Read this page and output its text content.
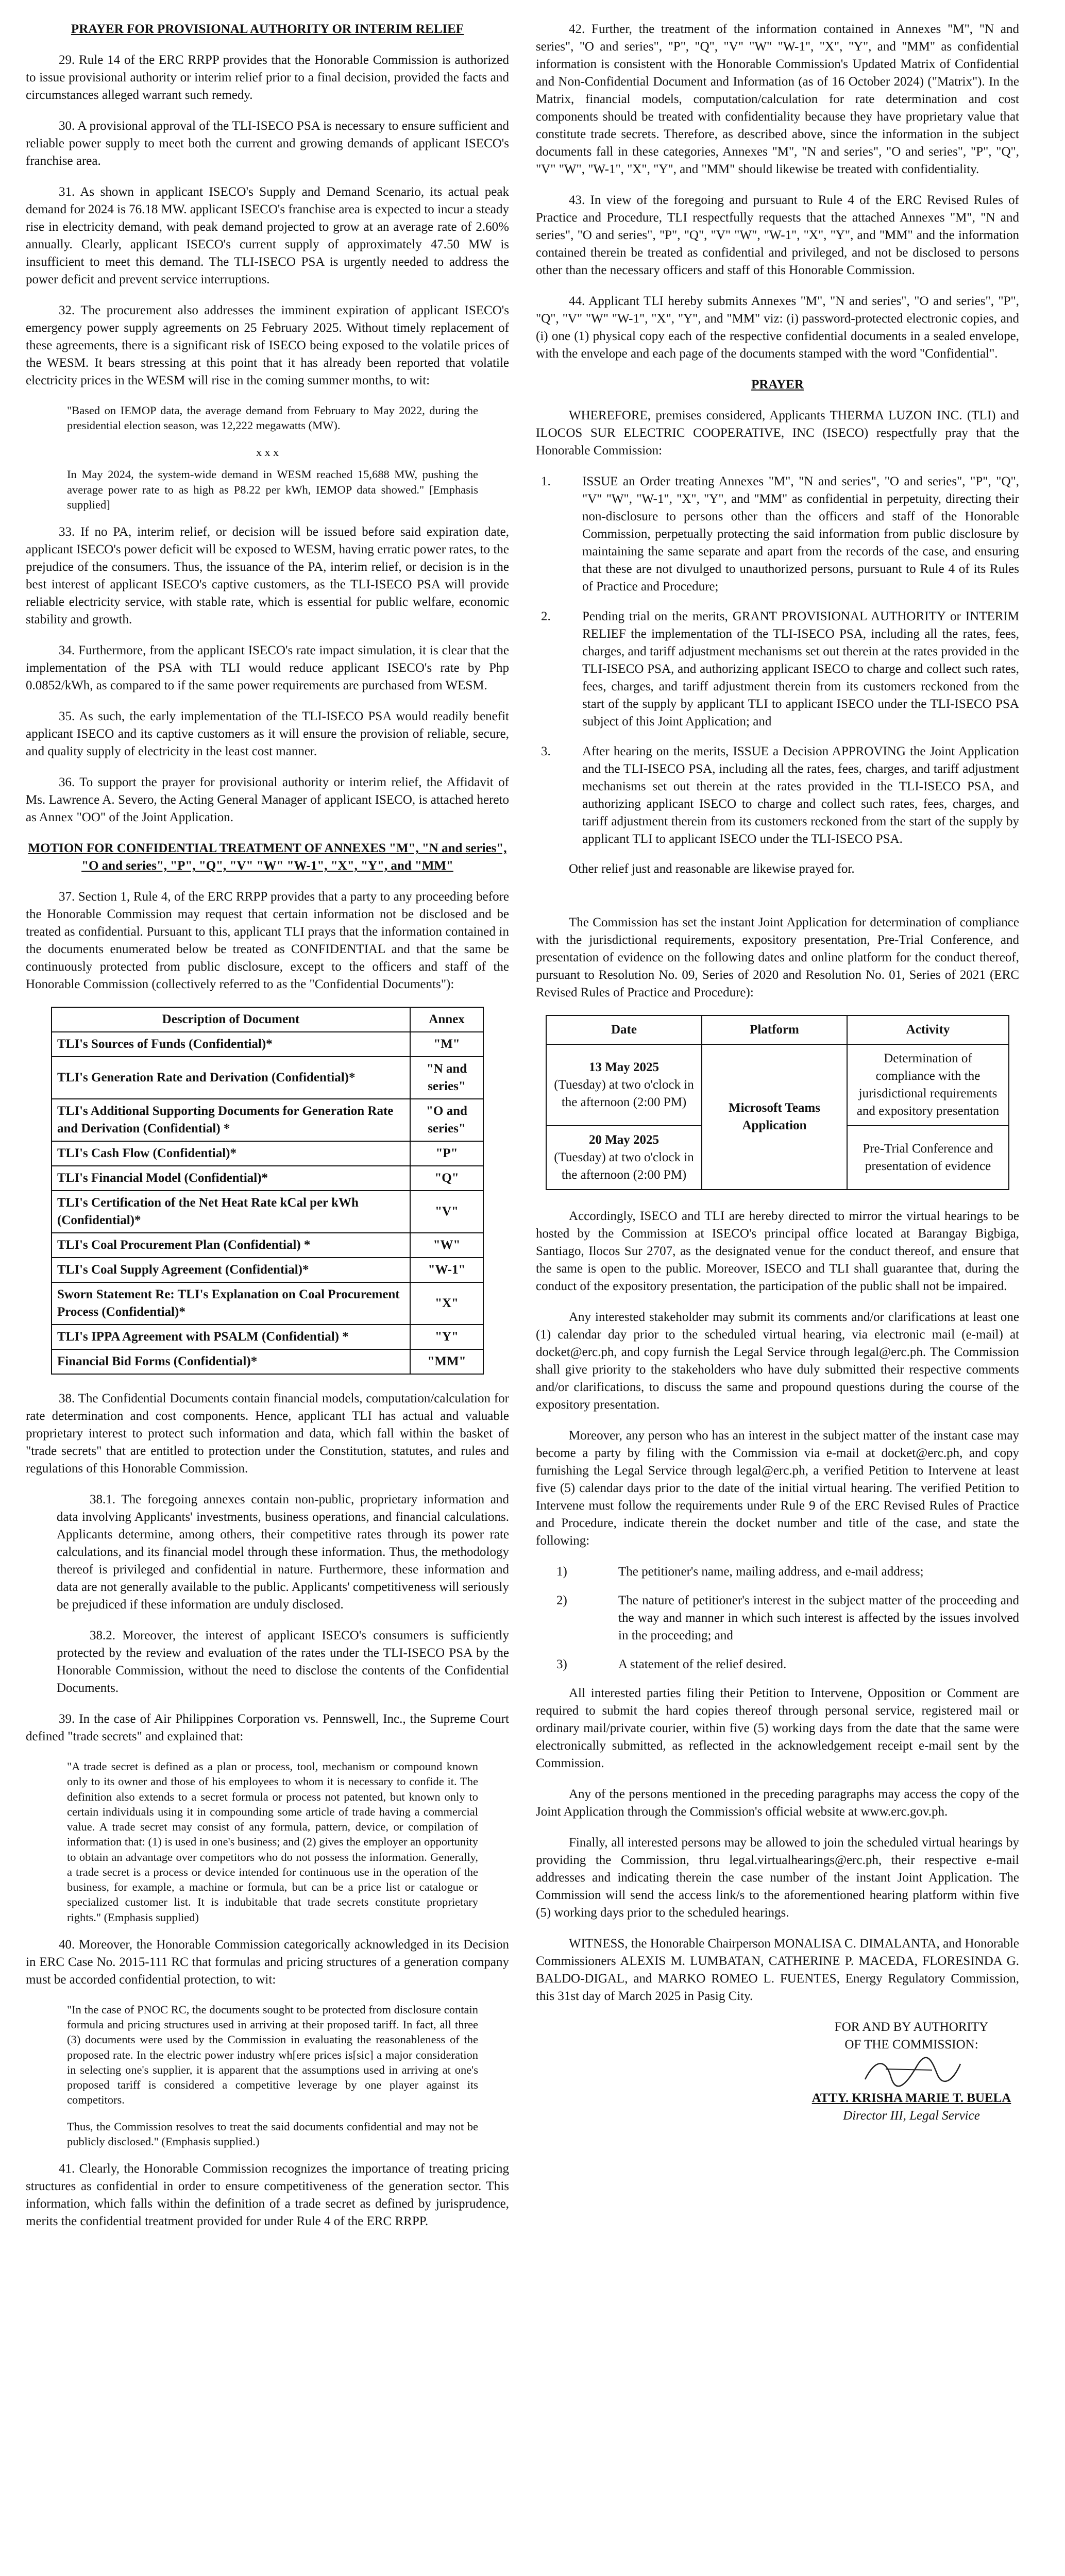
PRAYER FOR PROVISIONAL AUTHORITY OR INTERIM RELIEF

29. Rule 14 of the ERC RRPP provides that the Honorable Commission is authorized to issue provisional authority or interim relief prior to a final decision, provided the facts and circumstances alleged warrant such remedy.

30. A provisional approval of the TLI-ISECO PSA is necessary to ensure sufficient and reliable power supply to meet both the current and growing demands of applicant ISECO's franchise area.

31. As shown in applicant ISECO's Supply and Demand Scenario, its actual peak demand for 2024 is 76.18 MW. applicant ISECO's franchise area is expected to incur a steady rise in electricity demand, with peak demand projected to grow at an average rate of 2.60% annually. Clearly, applicant ISECO's current supply of approximately 47.50 MW is insufficient to meet this demand. The TLI-ISECO PSA is urgently needed to address the power deficit and prevent service interruptions.

32. The procurement also addresses the imminent expiration of applicant ISECO's emergency power supply agreements on 25 February 2025. Without timely replacement of these agreements, there is a significant risk of ISECO being exposed to the volatile prices of the WESM. It bears stressing at this point that it has already been reported that volatile electricity prices in the WESM will rise in the coming summer months, to wit:

"Based on IEMOP data, the average demand from February to May 2022, during the presidential election season, was 12,222 megawatts (MW).

x x x

In May 2024, the system-wide demand in WESM reached 15,688 MW, pushing the average power rate to as high as P8.22 per kWh, IEMOP data showed." [Emphasis supplied]

33. If no PA, interim relief, or decision will be issued before said expiration date, applicant ISECO's power deficit will be exposed to WESM, having erratic power rates, to the prejudice of the consumers. Thus, the issuance of the PA, interim relief, or decision is in the best interest of applicant ISECO's captive customers, as the TLI-ISECO PSA will provide reliable electricity service, with stable rate, which is essential for public welfare, economic stability and growth.

34. Furthermore, from the applicant ISECO's rate impact simulation, it is clear that the implementation of the PSA with TLI would reduce applicant ISECO's rate by Php 0.0852/kWh, as compared to if the same power requirements are purchased from WESM.

35. As such, the early implementation of the TLI-ISECO PSA would readily benefit applicant ISECO and its captive customers as it will ensure the provision of reliable, secure, and quality supply of electricity in the least cost manner.

36. To support the prayer for provisional authority or interim relief, the Affidavit of Ms. Lawrence A. Severo, the Acting General Manager of applicant ISECO, is attached hereto as Annex "OO" of the Joint Application.

MOTION FOR CONFIDENTIAL TREATMENT OF ANNEXES "M", "N and series", "O and series", "P", "Q", "V" "W" "W-1", "X", "Y", and "MM"

37. Section 1, Rule 4, of the ERC RRPP provides that a party to any proceeding before the Honorable Commission may request that certain information not be disclosed and be treated as confidential. Pursuant to this, applicant TLI prays that the information contained in the documents enumerated below be treated as CONFIDENTIAL and that the same be continuously protected from public disclosure, except to the officers and staff of the Honorable Commission (collectively referred to as the "Confidential Documents"):

Description of Document	Annex
TLI's Sources of Funds (Confidential)*	"M"
TLI's Generation Rate and Derivation (Confidential)*	"N and series"
TLI's Additional Supporting Documents for Generation Rate and Derivation (Confidential) *	"O and series"
TLI's Cash Flow (Confidential)*	"P"
TLI's Financial Model (Confidential)*	"Q"
TLI's Certification of the Net Heat Rate kCal per kWh (Confidential)*	"V"
TLI's Coal Procurement Plan (Confidential) *	"W"
TLI's Coal Supply Agreement (Confidential)*	"W-1"
Sworn Statement Re: TLI's Explanation on Coal Procurement Process (Confidential)*	"X"
TLI's IPPA Agreement with PSALM (Confidential) *	"Y"
Financial Bid Forms (Confidential)*	"MM"

38. The Confidential Documents contain financial models, computation/calculation for rate determination and cost components. Hence, applicant TLI has actual and valuable proprietary interest to protect such information and data, which fall within the basket of "trade secrets" that are entitled to protection under the Constitution, statutes, and rules and regulations of this Honorable Commission.

38.1. The foregoing annexes contain non-public, proprietary information and data involving Applicants' investments, business operations, and financial calculations. Applicants determine, among others, their competitive rates through its power rate calculations, and its financial model through these information. Thus, the methodology thereof is privileged and confidential in nature. Furthermore, these information and data are not generally available to the public. Applicants' competitiveness will seriously be prejudiced if these information are unduly disclosed.

38.2. Moreover, the interest of applicant ISECO's consumers is sufficiently protected by the review and evaluation of the rates under the TLI-ISECO PSA by the Honorable Commission, without the need to disclose the contents of the Confidential Documents.

39. In the case of Air Philippines Corporation vs. Pennswell, Inc., the Supreme Court defined "trade secrets" and explained that:

"A trade secret is defined as a plan or process, tool, mechanism or compound known only to its owner and those of his employees to whom it is necessary to confide it. The definition also extends to a secret formula or process not patented, but known only to certain individuals using it in compounding some article of trade having a commercial value. A trade secret may consist of any formula, pattern, device, or compilation of information that: (1) is used in one's business; and (2) gives the employer an opportunity to obtain an advantage over competitors who do not possess the information. Generally, a trade secret is a process or device intended for continuous use in the operation of the business, for example, a machine or formula, but can be a price list or catalogue or specialized customer list. It is indubitable that trade secrets constitute proprietary rights." (Emphasis supplied)

40. Moreover, the Honorable Commission categorically acknowledged in its Decision in ERC Case No. 2015-111 RC that formulas and pricing structures of a generation company must be accorded confidential protection, to wit:

"In the case of PNOC RC, the documents sought to be protected from disclosure contain formula and pricing structures used in arriving at their proposed tariff. In fact, all three (3) documents were used by the Commission in evaluating the reasonableness of the proposed rate. In the electric power industry wh[ere prices is[sic] a major consideration in selecting one's supplier, it is apparent that the assumptions used in arriving at one's proposed tariff is considered a competitive leverage by one player against its competitors.

Thus, the Commission resolves to treat the said documents confidential and may not be publicly disclosed." (Emphasis supplied.)

41. Clearly, the Honorable Commission recognizes the importance of treating pricing structures as confidential in order to ensure competitiveness of the generation sector. This information, which falls within the definition of a trade secret as defined by jurisprudence, merits the confidential treatment provided for under Rule 4 of the ERC RRPP.

42. Further, the treatment of the information contained in Annexes "M", "N and series", "O and series", "P", "Q", "V" "W" "W-1", "X", "Y", and "MM" as confidential information is consistent with the Honorable Commission's Updated Matrix of Confidential and Non-Confidential Document and Information (as of 16 October 2024) ("Matrix"). In the Matrix, financial models, computation/calculation for rate determination and cost components should be treated with confidentiality because they have proprietary value that constitute trade secrets. Therefore, as described above, since the information in the subject documents fall in these categories, Annexes "M", "N and series", "O and series", "P", "Q", "V" "W", "W-1", "X", "Y", and "MM" should likewise be treated with confidentiality.

43. In view of the foregoing and pursuant to Rule 4 of the ERC Revised Rules of Practice and Procedure, TLI respectfully requests that the attached Annexes "M", "N and series", "O and series", "P", "Q", "V" "W", "W-1", "X", "Y", and "MM" and the information contained therein be treated as confidential and privileged, and not be disclosed to persons other than the necessary officers and staff of this Honorable Commission.

44. Applicant TLI hereby submits Annexes "M", "N and series", "O and series", "P", "Q", "V" "W" "W-1", "X", "Y", and "MM" viz: (i) password-protected electronic copies, and (i) one (1) physical copy each of the respective confidential documents in a sealed envelope, with the envelope and each page of the documents stamped with the word "Confidential".

PRAYER

WHEREFORE, premises considered, Applicants THERMA LUZON INC. (TLI) and ILOCOS SUR ELECTRIC COOPERATIVE, INC (ISECO) respectfully pray that the Honorable Commission:

1.	ISSUE an Order treating Annexes "M", "N and series", "O and series", "P", "Q", "V" "W", "W-1", "X", "Y", and "MM" as confidential in perpetuity, directing their non-disclosure to persons other than the officers and staff of the Honorable Commission, perpetually protecting the said information from public disclosure by maintaining the same separate and apart from the records of the case, and ensuring that these are not divulged to unauthorized persons, pursuant to Rule 4 of its Rules of Practice and Procedure;
2.	Pending trial on the merits, GRANT PROVISIONAL AUTHORITY or INTERIM RELIEF the implementation of the TLI-ISECO PSA, including all the rates, fees, charges, and tariff adjustment mechanisms set out therein at the rates provided in the TLI-ISECO PSA, and authorizing applicant ISECO to charge and collect such rates, fees, charges, and tariff adjustment therein from its customers reckoned from the start of the supply by applicant TLI to applicant ISECO under the TLI-ISECO PSA subject of this Joint Application; and
3.	After hearing on the merits, ISSUE a Decision APPROVING the Joint Application and the TLI-ISECO PSA, including all the rates, fees, charges, and tariff adjustment mechanisms set out therein at the rates provided in the TLI-ISECO PSA, and authorizing applicant ISECO to charge and collect such rates, fees, charges, and tariff adjustment therein from its customers reckoned from the start of the supply by applicant TLI to applicant ISECO under the TLI-ISECO PSA.

Other relief just and reasonable are likewise prayed for.

The Commission has set the instant Joint Application for determination of compliance with the jurisdictional requirements, expository presentation, Pre-Trial Conference, and presentation of evidence on the following dates and online platform for the conduct thereof, pursuant to Resolution No. 09, Series of 2020 and Resolution No. 01, Series of 2021 (ERC Revised Rules of Practice and Procedure):

Date	Platform	Activity

13 May 2025
(Tuesday) at two o'clock in the afternoon (2:00 PM)	Microsoft Teams Application	Determination of compliance with the jurisdictional requirements and expository presentation

20 May 2025
(Tuesday) at two o'clock in the afternoon (2:00 PM)		Pre-Trial Conference and presentation of evidence

Accordingly, ISECO and TLI are hereby directed to mirror the virtual hearings to be hosted by the Commission at ISECO's principal office located at Barangay Bigbiga, Santiago, Ilocos Sur 2707, as the designated venue for the conduct thereof, and ensure that the same is open to the public. Moreover, ISECO and TLI shall guarantee that, during the conduct of the expository presentation, the participation of the public shall not be impaired.

Any interested stakeholder may submit its comments and/or clarifications at least one (1) calendar day prior to the scheduled virtual hearing, via electronic mail (e-mail) at docket@erc.ph, and copy furnish the Legal Service through legal@erc.ph. The Commission shall give priority to the stakeholders who have duly submitted their respective comments and/or clarifications, to discuss the same and propound questions during the course of the expository presentation.

Moreover, any person who has an interest in the subject matter of the instant case may become a party by filing with the Commission via e-mail at docket@erc.ph, and copy furnishing the Legal Service through legal@erc.ph, a verified Petition to Intervene at least five (5) calendar days prior to the date of the initial virtual hearing. The verified Petition to Intervene must follow the requirements under Rule 9 of the ERC Revised Rules of Practice and Procedure, indicate therein the docket number and title of the case, and state the following:

1)	The petitioner's name, mailing address, and e-mail address;
2)	The nature of petitioner's interest in the subject matter of the proceeding and the way and manner in which such interest is affected by the issues involved in the proceeding; and
3)	A statement of the relief desired.

All interested parties filing their Petition to Intervene, Opposition or Comment are required to submit the hard copies thereof through personal service, registered mail or ordinary mail/private courier, within five (5) working days from the date that the same were electronically submitted, as reflected in the acknowledgement receipt e-mail sent by the Commission.

Any of the persons mentioned in the preceding paragraphs may access the copy of the Joint Application through the Commission's official website at www.erc.gov.ph.

Finally, all interested persons may be allowed to join the scheduled virtual hearings by providing the Commission, thru legal.virtualhearings@erc.ph, their respective e-mail addresses and indicating therein the case number of the instant Joint Application. The Commission will send the access link/s to the aforementioned hearing platform within five (5) working days prior to the scheduled hearings.

WITNESS, the Honorable Chairperson MONALISA C. DIMALANTA, and Honorable Commissioners ALEXIS M. LUMBATAN, CATHERINE P. MACEDA, FLORESINDA G. BALDO-DIGAL, and MARKO ROMEO L. FUENTES, Energy Regulatory Commission, this 31st day of March 2025 in Pasig City.

FOR AND BY AUTHORITY
OF THE COMMISSION:
ATTY. KRISHA MARIE T. BUELA
Director III, Legal Service
